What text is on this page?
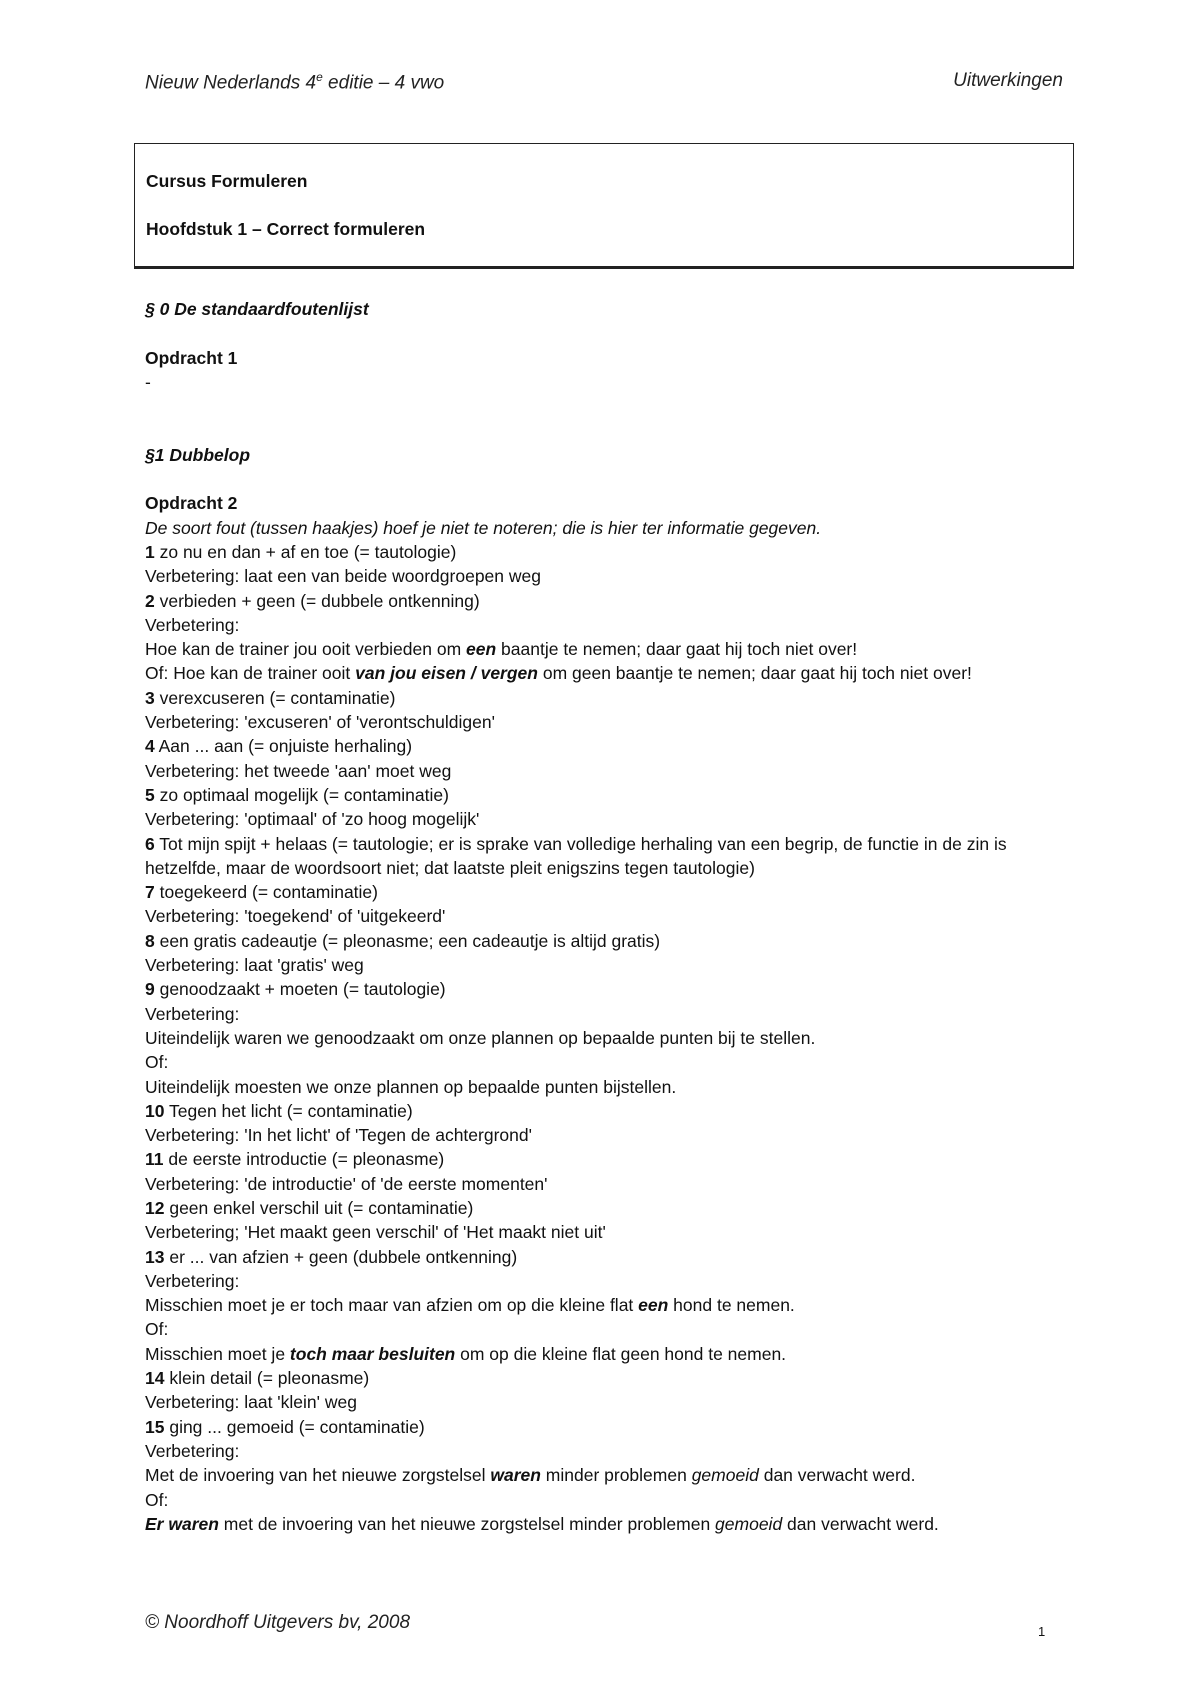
Nieuw Nederlands 4e editie – 4 vwo	Uitwerkingen
Cursus Formuleren
Hoofdstuk 1 – Correct formuleren
§ 0 De standaardfoutenlijst
Opdracht 1
-
§1 Dubbelop
Opdracht 2
De soort fout (tussen haakjes) hoef je niet te noteren; die is hier ter informatie gegeven.
1 zo nu en dan + af en toe (= tautologie)
Verbetering: laat een van beide woordgroepen weg
2 verbieden + geen (= dubbele ontkenning)
Verbetering:
Hoe kan de trainer jou ooit verbieden om een baantje te nemen; daar gaat hij toch niet over!
Of: Hoe kan de trainer ooit van jou eisen / vergen om geen baantje te nemen; daar gaat hij toch niet over!
3 verexcuseren (= contaminatie)
Verbetering: 'excuseren' of 'verontschuldigen'
4 Aan ... aan (= onjuiste herhaling)
Verbetering: het tweede 'aan' moet weg
5 zo optimaal mogelijk (= contaminatie)
Verbetering: 'optimaal' of 'zo hoog mogelijk'
6 Tot mijn spijt + helaas (= tautologie; er is sprake van volledige herhaling van een begrip, de functie in de zin is hetzelfde, maar de woordsoort niet; dat laatste pleit enigszins tegen tautologie)
7 toegekeerd (= contaminatie)
Verbetering: 'toegekend' of 'uitgekeerd'
8 een gratis cadeautje (= pleonasme; een cadeautje is altijd gratis)
Verbetering: laat 'gratis' weg
9 genoodzaakt + moeten (= tautologie)
Verbetering:
Uiteindelijk waren we genoodzaakt om onze plannen op bepaalde punten bij te stellen.
Of:
Uiteindelijk moesten we onze plannen op bepaalde punten bijstellen.
10 Tegen het licht (= contaminatie)
Verbetering: 'In het licht' of 'Tegen de achtergrond'
11 de eerste introductie (= pleonasme)
Verbetering: 'de introductie' of 'de eerste momenten'
12 geen enkel verschil uit (= contaminatie)
Verbetering; 'Het maakt geen verschil' of 'Het maakt niet uit'
13 er ... van afzien + geen (dubbele ontkenning)
Verbetering:
Misschien moet je er toch maar van afzien om op die kleine flat een hond te nemen.
Of:
Misschien moet je toch maar besluiten om op die kleine flat geen hond te nemen.
14 klein detail (= pleonasme)
Verbetering: laat 'klein' weg
15 ging ... gemoeid (= contaminatie)
Verbetering:
Met de invoering van het nieuwe zorgstelsel waren minder problemen gemoeid dan verwacht werd.
Of:
Er waren met de invoering van het nieuwe zorgstelsel minder problemen gemoeid dan verwacht werd.
© Noordhoff Uitgevers bv, 2008	1
